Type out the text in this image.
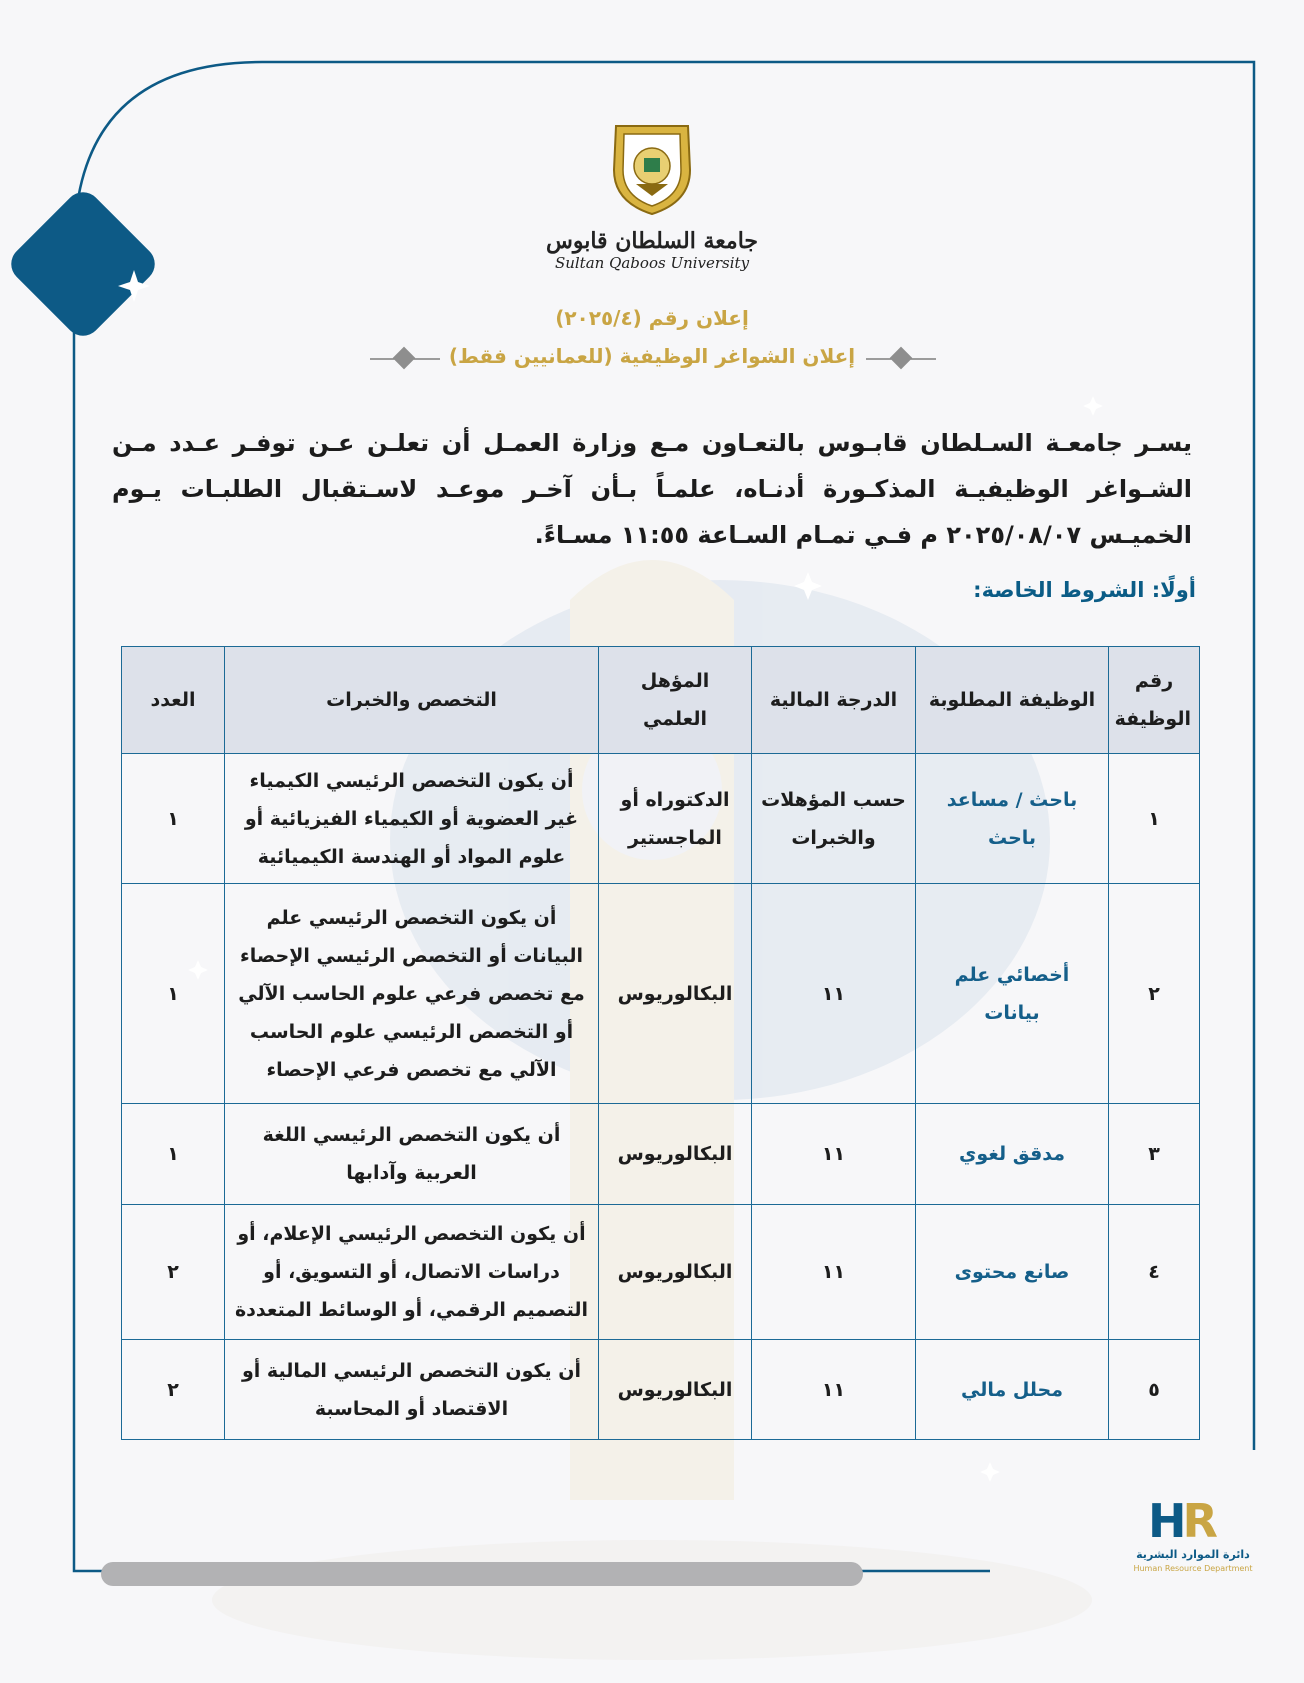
جامعة السلطان قابوس
Sultan Qaboos University
إعلان رقم (٢٠٢٥/٤)
إعلان الشواغر الوظيفية (للعمانيين فقط)
يسـر جامعـة السـلطان قابـوس بالتعـاون مـع وزارة العمـل أن تعلـن عـن توفـر عـدد مـن الشـواغر الوظيفيـة المذكـورة أدنـاه، علمـاً بـأن آخـر موعـد لاسـتقبال الطلبـات يـوم الخميـس ٢٠٢٥/٠٨/٠٧ م فـي تمـام السـاعة ١١:٥٥ مسـاءً.
أولًا: الشروط الخاصة:
رقم الوظيفة	الوظيفة المطلوبة	الدرجة المالية	المؤهل العلمي	التخصص والخبرات	العدد
١	باحث / مساعد باحث	حسب المؤهلات والخبرات	الدكتوراه أو الماجستير	أن يكون التخصص الرئيسي الكيمياء غير العضوية أو الكيمياء الفيزيائية أو علوم المواد أو الهندسة الكيميائية	١
٢	أخصائي علم بيانات	١١	البكالوريوس	أن يكون التخصص الرئيسي علم البيانات أو التخصص الرئيسي الإحصاء مع تخصص فرعي علوم الحاسب الآلي أو التخصص الرئيسي علوم الحاسب الآلي مع تخصص فرعي الإحصاء	١
٣	مدقق لغوي	١١	البكالوريوس	أن يكون التخصص الرئيسي اللغة العربية وآدابها	١
٤	صانع محتوى	١١	البكالوريوس	أن يكون التخصص الرئيسي الإعلام، أو دراسات الاتصال، أو التسويق، أو التصميم الرقمي، أو الوسائط المتعددة	٢
٥	محلل مالي	١١	البكالوريوس	أن يكون التخصص الرئيسي المالية أو الاقتصاد أو المحاسبة	٢
HR
دائرة الموارد البشرية
Human Resource Department
